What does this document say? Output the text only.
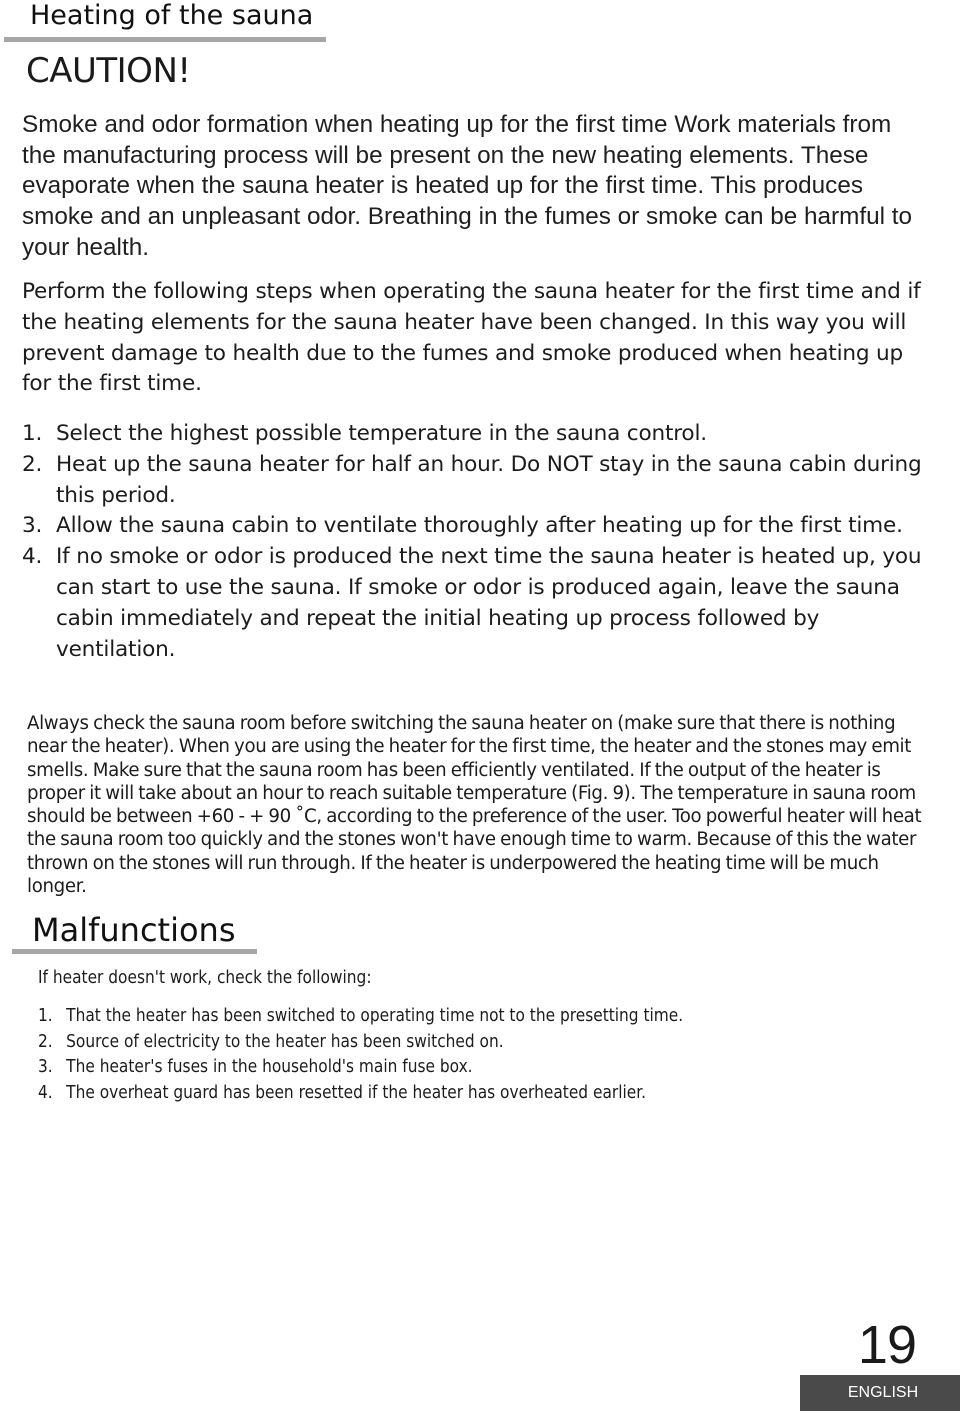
Heating of the sauna
CAUTION!

Smoke and odor formation when heating up for the first time Work materials from the manufacturing process will be present on the new heating elements. These evaporate when the sauna heater is heated up for the first time. This produces smoke and an unpleasant odor. Breathing in the fumes or smoke can be harmful to your health.

Perform the following steps when operating the sauna heater for the first time and if the heating elements for the sauna heater have been changed. In this way you will prevent damage to health due to the fumes and smoke produced when heating up for the first time.

1. Select the highest possible temperature in the sauna control.
2. Heat up the sauna heater for half an hour. Do NOT stay in the sauna cabin during this period.
3. Allow the sauna cabin to ventilate thoroughly after heating up for the first time.
4. If no smoke or odor is produced the next time the sauna heater is heated up, you can start to use the sauna. If smoke or odor is produced again, leave the sauna cabin immediately and repeat the initial heating up process followed by ventilation.

Always check the sauna room before switching the sauna heater on (make sure that there is nothing near the heater). When you are using the heater for the first time, the heater and the stones may emit smells. Make sure that the sauna room has been efficiently ventilated. If the output of the heater is proper it will take about an hour to reach suitable temperature (Fig. 9). The temperature in sauna room should be between +60 - + 90 ˚C, according to the preference of the user. Too powerful heater will heat the sauna room too quickly and the stones won't have enough time to warm. Because of this the water thrown on the stones will run through. If the heater is underpowered the heating time will be much longer.

Malfunctions

If heater doesn't work, check the following:

1. That the heater has been switched to operating time not to the presetting time.
2. Source of electricity to the heater has been switched on.
3. The heater's fuses in the household's main fuse box.
4. The overheat guard has been resetted if the heater has overheated earlier.
19
ENGLISH
